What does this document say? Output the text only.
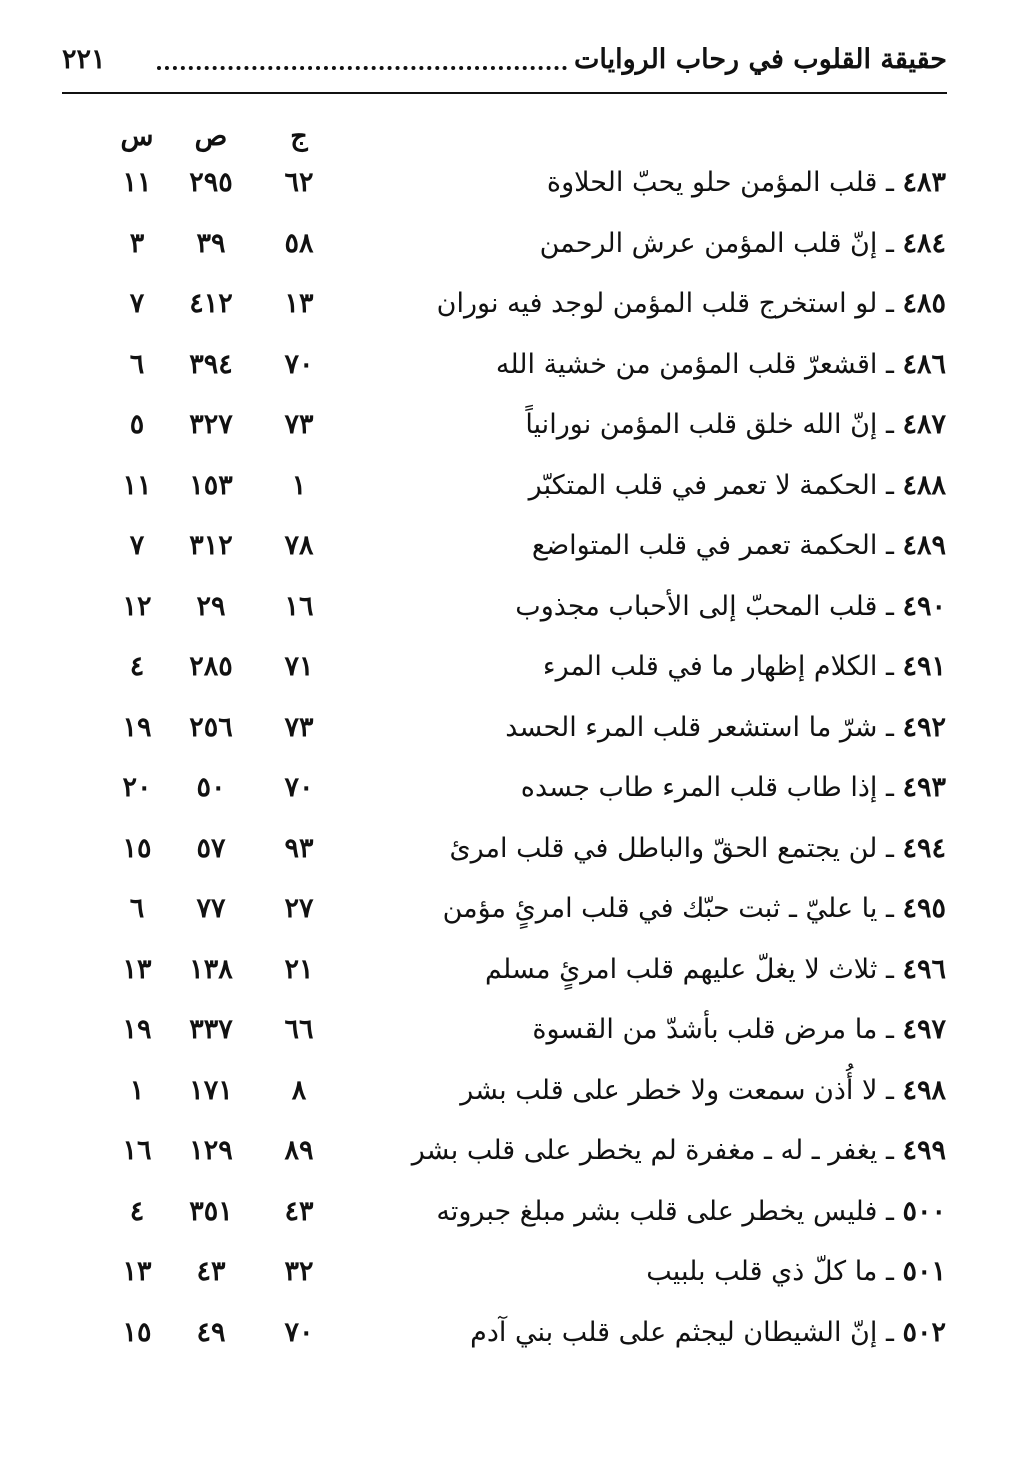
حقيقة القلوب في رحاب الروايات
٢٢١
ج
ص
س
٤٨٣ ـ قلب المؤمن حلو يحبّ الحلاوة
٦٢
٢٩٥
١١
٤٨٤ ـ إنّ قلب المؤمن عرش الرحمن
٥٨
٣٩
٣
٤٨٥ ـ لو استخرج قلب المؤمن لوجد فيه نوران
١٣
٤١٢
٧
٤٨٦ ـ اقشعرّ قلب المؤمن من خشية الله
٧٠
٣٩٤
٦
٤٨٧ ـ إنّ الله خلق قلب المؤمن نورانياً
٧٣
٣٢٧
٥
٤٨٨ ـ الحكمة لا تعمر في قلب المتكبّر
١
١٥٣
١١
٤٨٩ ـ الحكمة تعمر في قلب المتواضع
٧٨
٣١٢
٧
٤٩٠ ـ قلب المحبّ إلى الأحباب مجذوب
١٦
٢٩
١٢
٤٩١ ـ الكلام إظهار ما في قلب المرء
٧١
٢٨٥
٤
٤٩٢ ـ شرّ ما استشعر قلب المرء الحسد
٧٣
٢٥٦
١٩
٤٩٣ ـ إذا طاب قلب المرء طاب جسده
٧٠
٥٠
٢٠
٤٩٤ ـ لن يجتمع الحقّ والباطل في قلب امرئ
٩٣
٥٧
١٥
٤٩٥ ـ يا عليّ ـ ثبت حبّك في قلب امرئٍ مؤمن
٢٧
٧٧
٦
٤٩٦ ـ ثلاث لا يغلّ عليهم قلب امرئٍ مسلم
٢١
١٣٨
١٣
٤٩٧ ـ ما مرض قلب بأشدّ من القسوة
٦٦
٣٣٧
١٩
٤٩٨ ـ لا أُذن سمعت ولا خطر على قلب بشر
٨
١٧١
١
٤٩٩ ـ يغفر ـ له ـ مغفرة لم يخطر على قلب بشر
٨٩
١٢٩
١٦
٥٠٠ ـ فليس يخطر على قلب بشر مبلغ جبروته
٤٣
٣٥١
٤
٥٠١ ـ ما كلّ ذي قلب بلبيب
٣٢
٤٣
١٣
٥٠٢ ـ إنّ الشيطان ليجثم على قلب بني آدم
٧٠
٤٩
١٥
